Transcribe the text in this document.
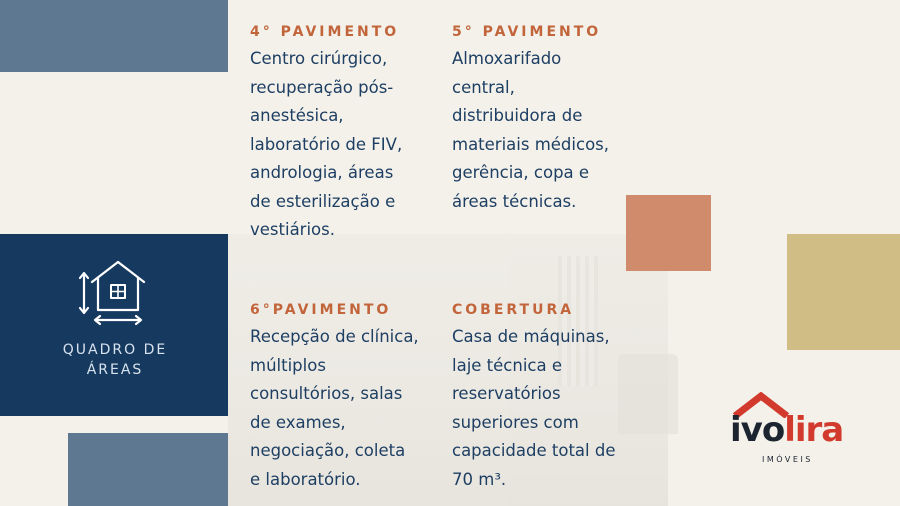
QUADRO DE
ÁREAS
4° PAVIMENTO

Centro cirúrgico,
recuperação pós-
anestésica,
laboratório de FIV,
andrologia, áreas
de esterilização e
vestiários.

5° PAVIMENTO

Almoxarifado
central,
distribuidora de
materiais médicos,
gerência, copa e
áreas técnicas.

6°PAVIMENTO

Recepção de clínica,
múltiplos
consultórios, salas
de exames,
negociação, coleta
e laboratório.

COBERTURA

Casa de máquinas,
laje técnica e
reservatórios
superiores com
capacidade total de
70 m³.

ivolira
IMÓVEIS
